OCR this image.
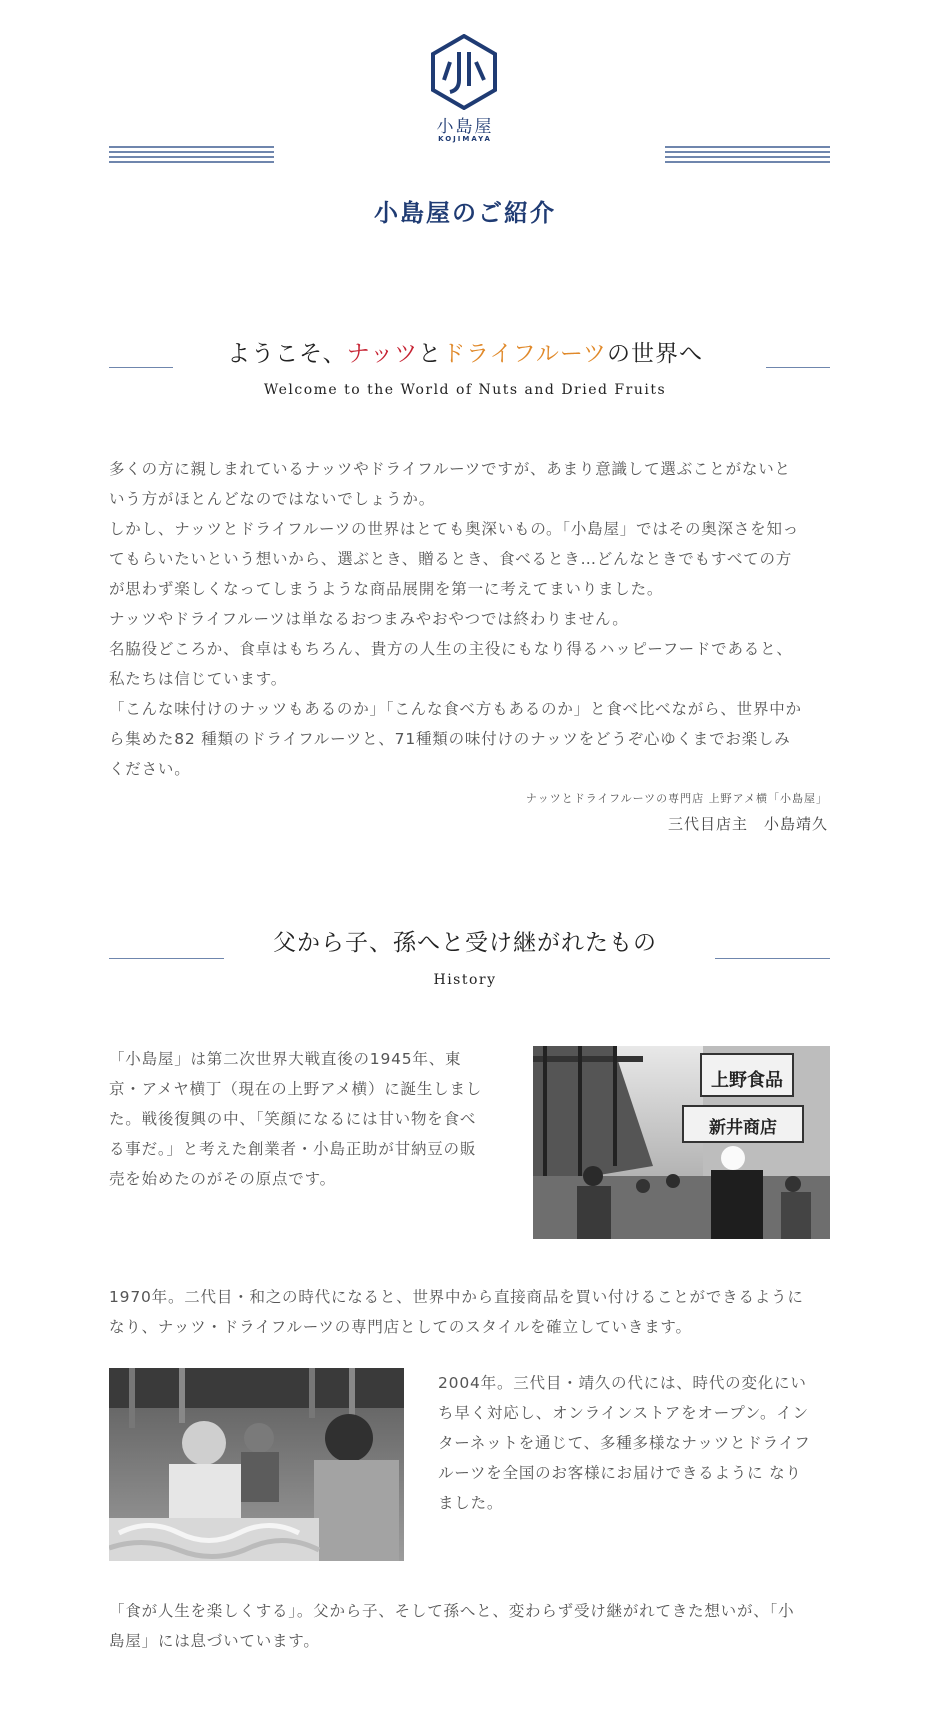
小島屋
KOJIMAYA
小島屋のご紹介
ようこそ、ナッツとドライフルーツの世界へ
Welcome to the World of Nuts and Dried Fruits

多くの方に親しまれているナッツやドライフルーツですが、あまり意識して選ぶことがないと

いう方がほとんどなのではないでしょうか。

しかし、ナッツとドライフルーツの世界はとても奥深いもの。「小島屋」ではその奥深さを知っ

てもらいたいという想いから、選ぶとき、贈るとき、食べるとき…どんなときでもすべての方

が思わず楽しくなってしまうような商品展開を第一に考えてまいりました。

ナッツやドライフルーツは単なるおつまみやおやつでは終わりません。

名脇役どころか、食卓はもちろん、貴方の人生の主役にもなり得るハッピーフードであると、

私たちは信じています。

「こんな味付けのナッツもあるのか」「こんな食べ方もあるのか」と食べ比べながら、世界中か

ら集めた82 種類のドライフルーツと、71種類の味付けのナッツをどうぞ心ゆくまでお楽しみ

ください。

ナッツとドライフルーツの専門店 上野アメ横「小島屋」
三代目店主　小島靖久
父から子、孫へと受け継がれたもの
History

「小島屋」は第二次世界大戦直後の1945年、東

京・アメヤ横丁（現在の上野アメ横）に誕生しまし

た。戦後復興の中、「笑顔になるには甘い物を食べ

る事だ。」と考えた創業者・小島正助が甘納豆の販

売を始めたのがその原点です。

上野食品
新井商店

1970年。二代目・和之の時代になると、世界中から直接商品を買い付けることができるように

なり、ナッツ・ドライフルーツの専門店としてのスタイルを確立していきます。

2004年。三代目・靖久の代には、時代の変化にい

ち早く対応し、オンラインストアをオープン。イン

ターネットを通じて、多種多様なナッツとドライフ

ルーツを全国のお客様にお届けできるように なり

ました。

「食が人生を楽しくする」。父から子、そして孫へと、変わらず受け継がれてきた想いが、「小

島屋」には息づいています。
